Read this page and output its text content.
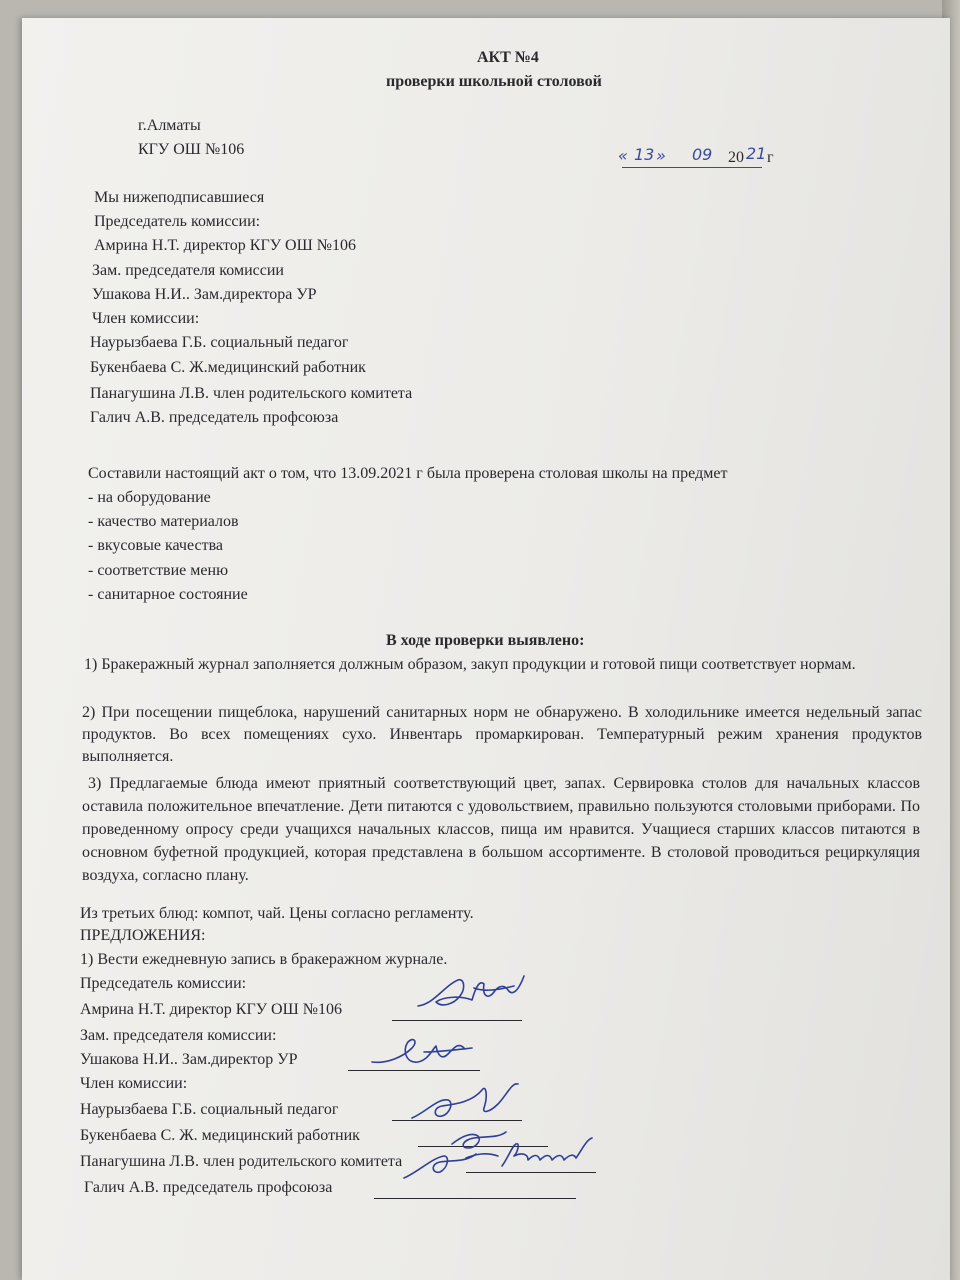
АКТ №4
проверки школьной столовой
г.Алматы
КГУ ОШ №106	« 13 » 09 20 21 г
Мы нижеподписавшиеся
Председатель комиссии:
Амрина Н.Т. директор КГУ ОШ №106
Зам. председателя комиссии
Ушакова Н.И.. Зам.директора УР
Член комиссии:
Наурызбаева Г.Б. социальный педагог
Букенбаева С. Ж.медицинский работник
Панагушина Л.В. член родительского комитета
Галич А.В. председатель профсоюза
Составили настоящий акт о том, что 13.09.2021 г была проверена столовая школы на предмет
- на оборудование
- качество материалов
- вкусовые качества
- соответствие меню
- санитарное состояние
В ходе проверки выявлено:
1) Бракеражный журнал заполняется должным образом, закуп продукции и готовой пищи соответствует нормам.
2) При посещении пищеблока, нарушений санитарных норм не обнаружено. В холодильнике имеется недельный запас продуктов. Во всех помещениях сухо. Инвентарь промаркирован. Температурный режим хранения продуктов выполняется.
3) Предлагаемые блюда имеют приятный соответствующий цвет, запах. Сервировка столов для начальных классов оставила положительное впечатление. Дети питаются с удовольствием, правильно пользуются столовыми приборами. По проведенному опросу среди учащихся начальных классов, пища им нравится. Учащиеся старших классов питаются в основном буфетной продукцией, которая представлена в большом ассортименте. В столовой проводиться рециркуляция воздуха, согласно плану.
Из третьих блюд: компот, чай. Цены согласно регламенту.
ПРЕДЛОЖЕНИЯ:
1) Вести ежедневную запись в бракеражном журнале.
Председатель комиссии:
Амрина Н.Т. директор КГУ ОШ №106
Зам. председателя комиссии:
Ушакова Н.И.. Зам.директор УР
Член комиссии:
Наурызбаева Г.Б. социальный педагог
Букенбаева С. Ж. медицинский работник
Панагушина Л.В. член родительского комитета
Галич А.В. председатель профсоюза
